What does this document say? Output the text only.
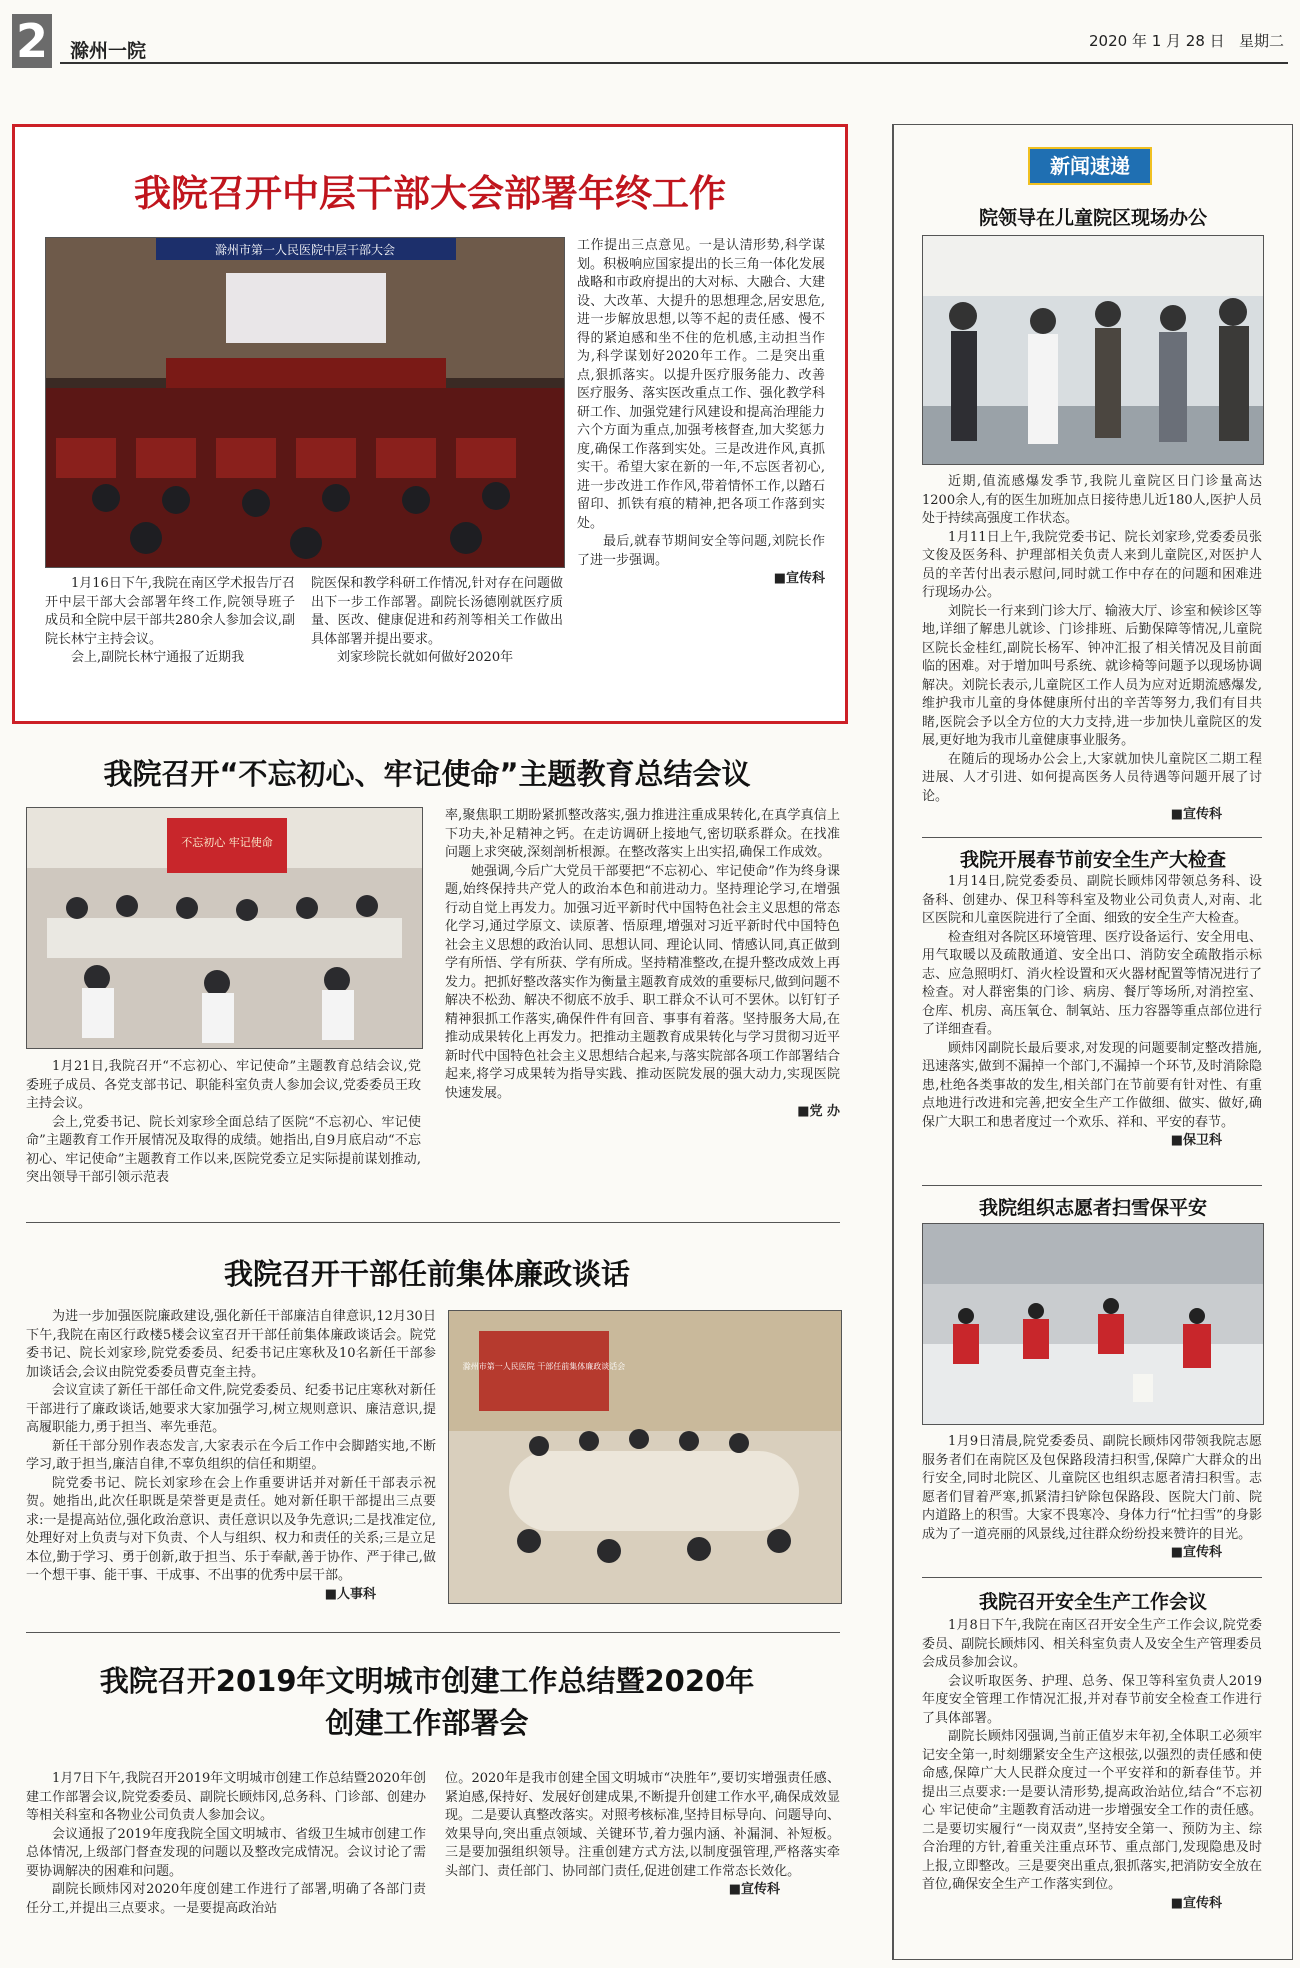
2 滁州一院	2020 年 1 月 28 日 星期二
我院召开中层干部大会部署年终工作
滁州市第一人民医院中层干部大会

1月16日下午,我院在南区学术报告厅召开中层干部大会部署年终工作,院领导班子成员和全院中层干部共280余人参加会议,副院长林宁主持会议。

会上,副院长林宁通报了近期我

院医保和教学科研工作情况,针对存在问题做出下一步工作部署。副院长汤德刚就医疗质量、医改、健康促进和药剂等相关工作做出具体部署并提出要求。

刘家珍院长就如何做好2020年

工作提出三点意见。一是认清形势,科学谋划。积极响应国家提出的长三角一体化发展战略和市政府提出的大对标、大融合、大建设、大改革、大提升的思想理念,居安思危,进一步解放思想,以等不起的责任感、慢不得的紧迫感和坐不住的危机感,主动担当作为,科学谋划好2020年工作。二是突出重点,狠抓落实。以提升医疗服务能力、改善医疗服务、落实医改重点工作、强化教学科研工作、加强党建行风建设和提高治理能力六个方面为重点,加强考核督查,加大奖惩力度,确保工作落到实处。三是改进作风,真抓实干。希望大家在新的一年,不忘医者初心,进一步改进工作作风,带着情怀工作,以踏石留印、抓铁有痕的精神,把各项工作落到实处。

最后,就春节期间安全等问题,刘院长作了进一步强调。

■宣传科
我院召开“不忘初心、牢记使命”主题教育总结会议
不忘初心 牢记使命

1月21日,我院召开“不忘初心、牢记使命”主题教育总结会议,党委班子成员、各党支部书记、职能科室负责人参加会议,党委委员王玫主持会议。

会上,党委书记、院长刘家珍全面总结了医院“不忘初心、牢记使命”主题教育工作开展情况及取得的成绩。她指出,自9月底启动“不忘初心、牢记使命”主题教育工作以来,医院党委立足实际提前谋划推动,突出领导干部引领示范表

率,聚焦职工期盼紧抓整改落实,强力推进注重成果转化,在真学真信上下功夫,补足精神之钙。在走访调研上接地气,密切联系群众。在找准问题上求突破,深刻剖析根源。在整改落实上出实招,确保工作成效。

她强调,今后广大党员干部要把“不忘初心、牢记使命”作为终身课题,始终保持共产党人的政治本色和前进动力。坚持理论学习,在增强行动自觉上再发力。加强习近平新时代中国特色社会主义思想的常态化学习,通过学原文、读原著、悟原理,增强对习近平新时代中国特色社会主义思想的政治认同、思想认同、理论认同、情感认同,真正做到学有所悟、学有所获、学有所成。坚持精准整改,在提升整改成效上再发力。把抓好整改落实作为衡量主题教育成效的重要标尺,做到问题不解决不松劲、解决不彻底不放手、职工群众不认可不罢休。以钉钉子精神狠抓工作落实,确保件件有回音、事事有着落。坚持服务大局,在推动成果转化上再发力。把推动主题教育成果转化与学习贯彻习近平新时代中国特色社会主义思想结合起来,与落实院部各项工作部署结合起来,将学习成果转为指导实践、推动医院发展的强大动力,实现医院快速发展。

■党 办
我院召开干部任前集体廉政谈话

为进一步加强医院廉政建设,强化新任干部廉洁自律意识,12月30日下午,我院在南区行政楼5楼会议室召开干部任前集体廉政谈话会。院党委书记、院长刘家珍,院党委委员、纪委书记庄寒秋及10名新任干部参加谈话会,会议由院党委委员曹克奎主持。

会议宣读了新任干部任命文件,院党委委员、纪委书记庄寒秋对新任干部进行了廉政谈话,她要求大家加强学习,树立规则意识、廉洁意识,提高履职能力,勇于担当、率先垂范。

新任干部分别作表态发言,大家表示在今后工作中会脚踏实地,不断学习,敢于担当,廉洁自律,不辜负组织的信任和期望。

院党委书记、院长刘家珍在会上作重要讲话并对新任干部表示祝贺。她指出,此次任职既是荣誉更是责任。她对新任职干部提出三点要求:一是提高站位,强化政治意识、责任意识以及争先意识;二是找准定位,处理好对上负责与对下负责、个人与组织、权力和责任的关系;三是立足本位,勤于学习、勇于创新,敢于担当、乐于奉献,善于协作、严于律己,做一个想干事、能干事、干成事、不出事的优秀中层干部。

■人事科
滁州市第一人民医院 干部任前集体廉政谈话会
我院召开2019年文明城市创建工作总结暨2020年
创建工作部署会

1月7日下午,我院召开2019年文明城市创建工作总结暨2020年创建工作部署会议,院党委委员、副院长顾炜冈,总务科、门诊部、创建办等相关科室和各物业公司负责人参加会议。

会议通报了2019年度我院全国文明城市、省级卫生城市创建工作总体情况,上级部门督查发现的问题以及整改完成情况。会议讨论了需要协调解决的困难和问题。

副院长顾炜冈对2020年度创建工作进行了部署,明确了各部门责任分工,并提出三点要求。一是要提高政治站

位。2020年是我市创建全国文明城市“决胜年”,要切实增强责任感、紧迫感,保持好、发展好创建成果,不断提升创建工作水平,确保成效显现。二是要认真整改落实。对照考核标准,坚持目标导向、问题导向、效果导向,突出重点领域、关键环节,着力强内涵、补漏洞、补短板。三是要加强组织领导。注重创建方式方法,以制度强管理,严格落实牵头部门、责任部门、协同部门责任,促进创建工作常态长效化。

■宣传科
新闻速递
院领导在儿童院区现场办公

近期,值流感爆发季节,我院儿童院区日门诊量高达1200余人,有的医生加班加点日接待患儿近180人,医护人员处于持续高强度工作状态。

1月11日上午,我院党委书记、院长刘家珍,党委委员张文俊及医务科、护理部相关负责人来到儿童院区,对医护人员的辛苦付出表示慰问,同时就工作中存在的问题和困难进行现场办公。

刘院长一行来到门诊大厅、输液大厅、诊室和候诊区等地,详细了解患儿就诊、门诊排班、后勤保障等情况,儿童院区院长金桂红,副院长杨军、钟冲汇报了相关情况及目前面临的困难。对于增加叫号系统、就诊椅等问题予以现场协调解决。刘院长表示,儿童院区工作人员为应对近期流感爆发,维护我市儿童的身体健康所付出的辛苦等努力,我们有目共睹,医院会予以全方位的大力支持,进一步加快儿童院区的发展,更好地为我市儿童健康事业服务。

在随后的现场办公会上,大家就加快儿童院区二期工程进展、人才引进、如何提高医务人员待遇等问题开展了讨论。

■宣传科
我院开展春节前安全生产大检查

1月14日,院党委委员、副院长顾炜冈带领总务科、设备科、创建办、保卫科等科室及物业公司负责人,对南、北区医院和儿童医院进行了全面、细致的安全生产大检查。

检查组对各院区环境管理、医疗设备运行、安全用电、用气取暖以及疏散通道、安全出口、消防安全疏散指示标志、应急照明灯、消火栓设置和灭火器材配置等情况进行了检查。对人群密集的门诊、病房、餐厅等场所,对消控室、仓库、机房、高压氧仓、制氧站、压力容器等重点部位进行了详细查看。

顾炜冈副院长最后要求,对发现的问题要制定整改措施,迅速落实,做到不漏掉一个部门,不漏掉一个环节,及时消除隐患,杜绝各类事故的发生,相关部门在节前要有针对性、有重点地进行改进和完善,把安全生产工作做细、做实、做好,确保广大职工和患者度过一个欢乐、祥和、平安的春节。

■保卫科
我院组织志愿者扫雪保平安

1月9日清晨,院党委委员、副院长顾炜冈带领我院志愿服务者们在南院区及包保路段清扫积雪,保障广大群众的出行安全,同时北院区、儿童院区也组织志愿者清扫积雪。志愿者们冒着严寒,抓紧清扫铲除包保路段、医院大门前、院内道路上的积雪。大家不畏寒冷、身体力行“忙扫雪”的身影成为了一道亮丽的风景线,过往群众纷纷投来赞许的目光。

■宣传科
我院召开安全生产工作会议

1月8日下午,我院在南区召开安全生产工作会议,院党委委员、副院长顾炜冈、相关科室负责人及安全生产管理委员会成员参加会议。

会议听取医务、护理、总务、保卫等科室负责人2019年度安全管理工作情况汇报,并对春节前安全检查工作进行了具体部署。

副院长顾炜冈强调,当前正值岁末年初,全体职工必须牢记安全第一,时刻绷紧安全生产这根弦,以强烈的责任感和使命感,保障广大人民群众度过一个平安祥和的新春佳节。并提出三点要求:一是要认清形势,提高政治站位,结合“不忘初心 牢记使命”主题教育活动进一步增强安全工作的责任感。二是要切实履行“一岗双责”,坚持安全第一、预防为主、综合治理的方针,着重关注重点环节、重点部门,发现隐患及时上报,立即整改。三是要突出重点,狠抓落实,把消防安全放在首位,确保安全生产工作落实到位。

■宣传科
